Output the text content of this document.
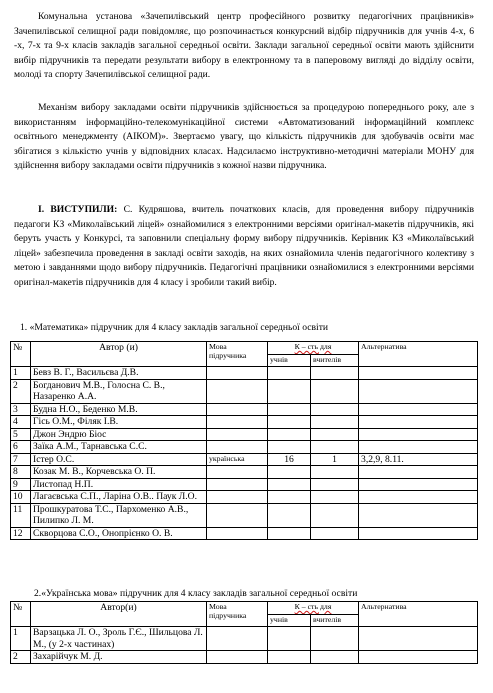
Комунальна установа «Зачепилівський центр професійного розвитку педагогічних працівників» Зачепилівської селищної ради повідомляє, що розпочинається конкурсний відбір підручників для учнів 4-х, 6 -х, 7-х та 9-х класів закладів загальної середньої освіти. Заклади загальної середньої освіти мають здійснити вибір підручників та передати результати вибору в електронному та в паперовому вигляді до відділу освіти, молоді та спорту Зачепилівської селищної ради.

Механізм вибору закладами освіти підручників здійснюється за процедурою попереднього року, але з використанням інформаційно-телекомунікаційної системи «Автоматизований інформаційний комплекс освітнього менеджменту (АІКОМ)». Звертаємо увагу, що кількість підручників для здобувачів освіти має збігатися з кількістю учнів у відповідних класах. Надсилаємо інструктивно-методичні матеріали МОНУ для здійснення вибору закладами освіти підручників з кожної назви підручника.

І. ВИСТУПИЛИ: С. Кудряшова, вчитель початкових класів, для проведення вибору підручників педагоги КЗ «Миколаївський ліцей» ознайомилися з електронними версіями оригінал-макетів підручників, які беруть участь у Конкурсі, та заповнили спеціальну форму вибору підручників. Керівник КЗ «Миколаївський ліцей» забезпечила проведення в закладі освіти заходів, на яких ознайомила членів педагогічного колективу з метою і завданнями щодо вибору підручників. Педагогічні працівники ознайомилися з електронними версіями оригінал-макетів підручників для 4 класу і зробили такий вибір.

1. «Математика» підручник для 4 класу закладів загальної середньої освіти

№	Автор (и)	Мова підручника	К – сть для		Альтернатива
			учнів	вчителів	
1	Бевз В. Г., Васильєва Д.В.				
2	Богданович М.В., Голосна С. В., Назаренко А.А.				
3	Будна Н.О., Беденко М.В.				
4	Гісь О.М., Філяк І.В.				
5	Джон Эндрю Біос				
6	Заїка А.М., Тарнавська С.С.				
7	Істер О.С.	українська	16	1	3,2,9, 8.11.
8	Козак М. В., Корчевська О. П.				
9	Листопад Н.П.				
10	Лагаєвська С.П., Ларіна О.В.. Паук Л.О.				
11	Прошкуратова Т.С., Пархоменко А.В., Пилипко Л. М.				
12	Скворцова С.О., Онопрієнко О. В.				

2.«Українська мова» підручник для 4 класу закладів загальної середньої освіти

№	Автор(и)	Мова підручника	К – сть для		Альтернатива
			учнів	вчителів	
1	Варзацька Л. О., Зроль Г.Є., Шильцова Л. М., (у 2-х частинах)				
2	Захарійчук М. Д.				
